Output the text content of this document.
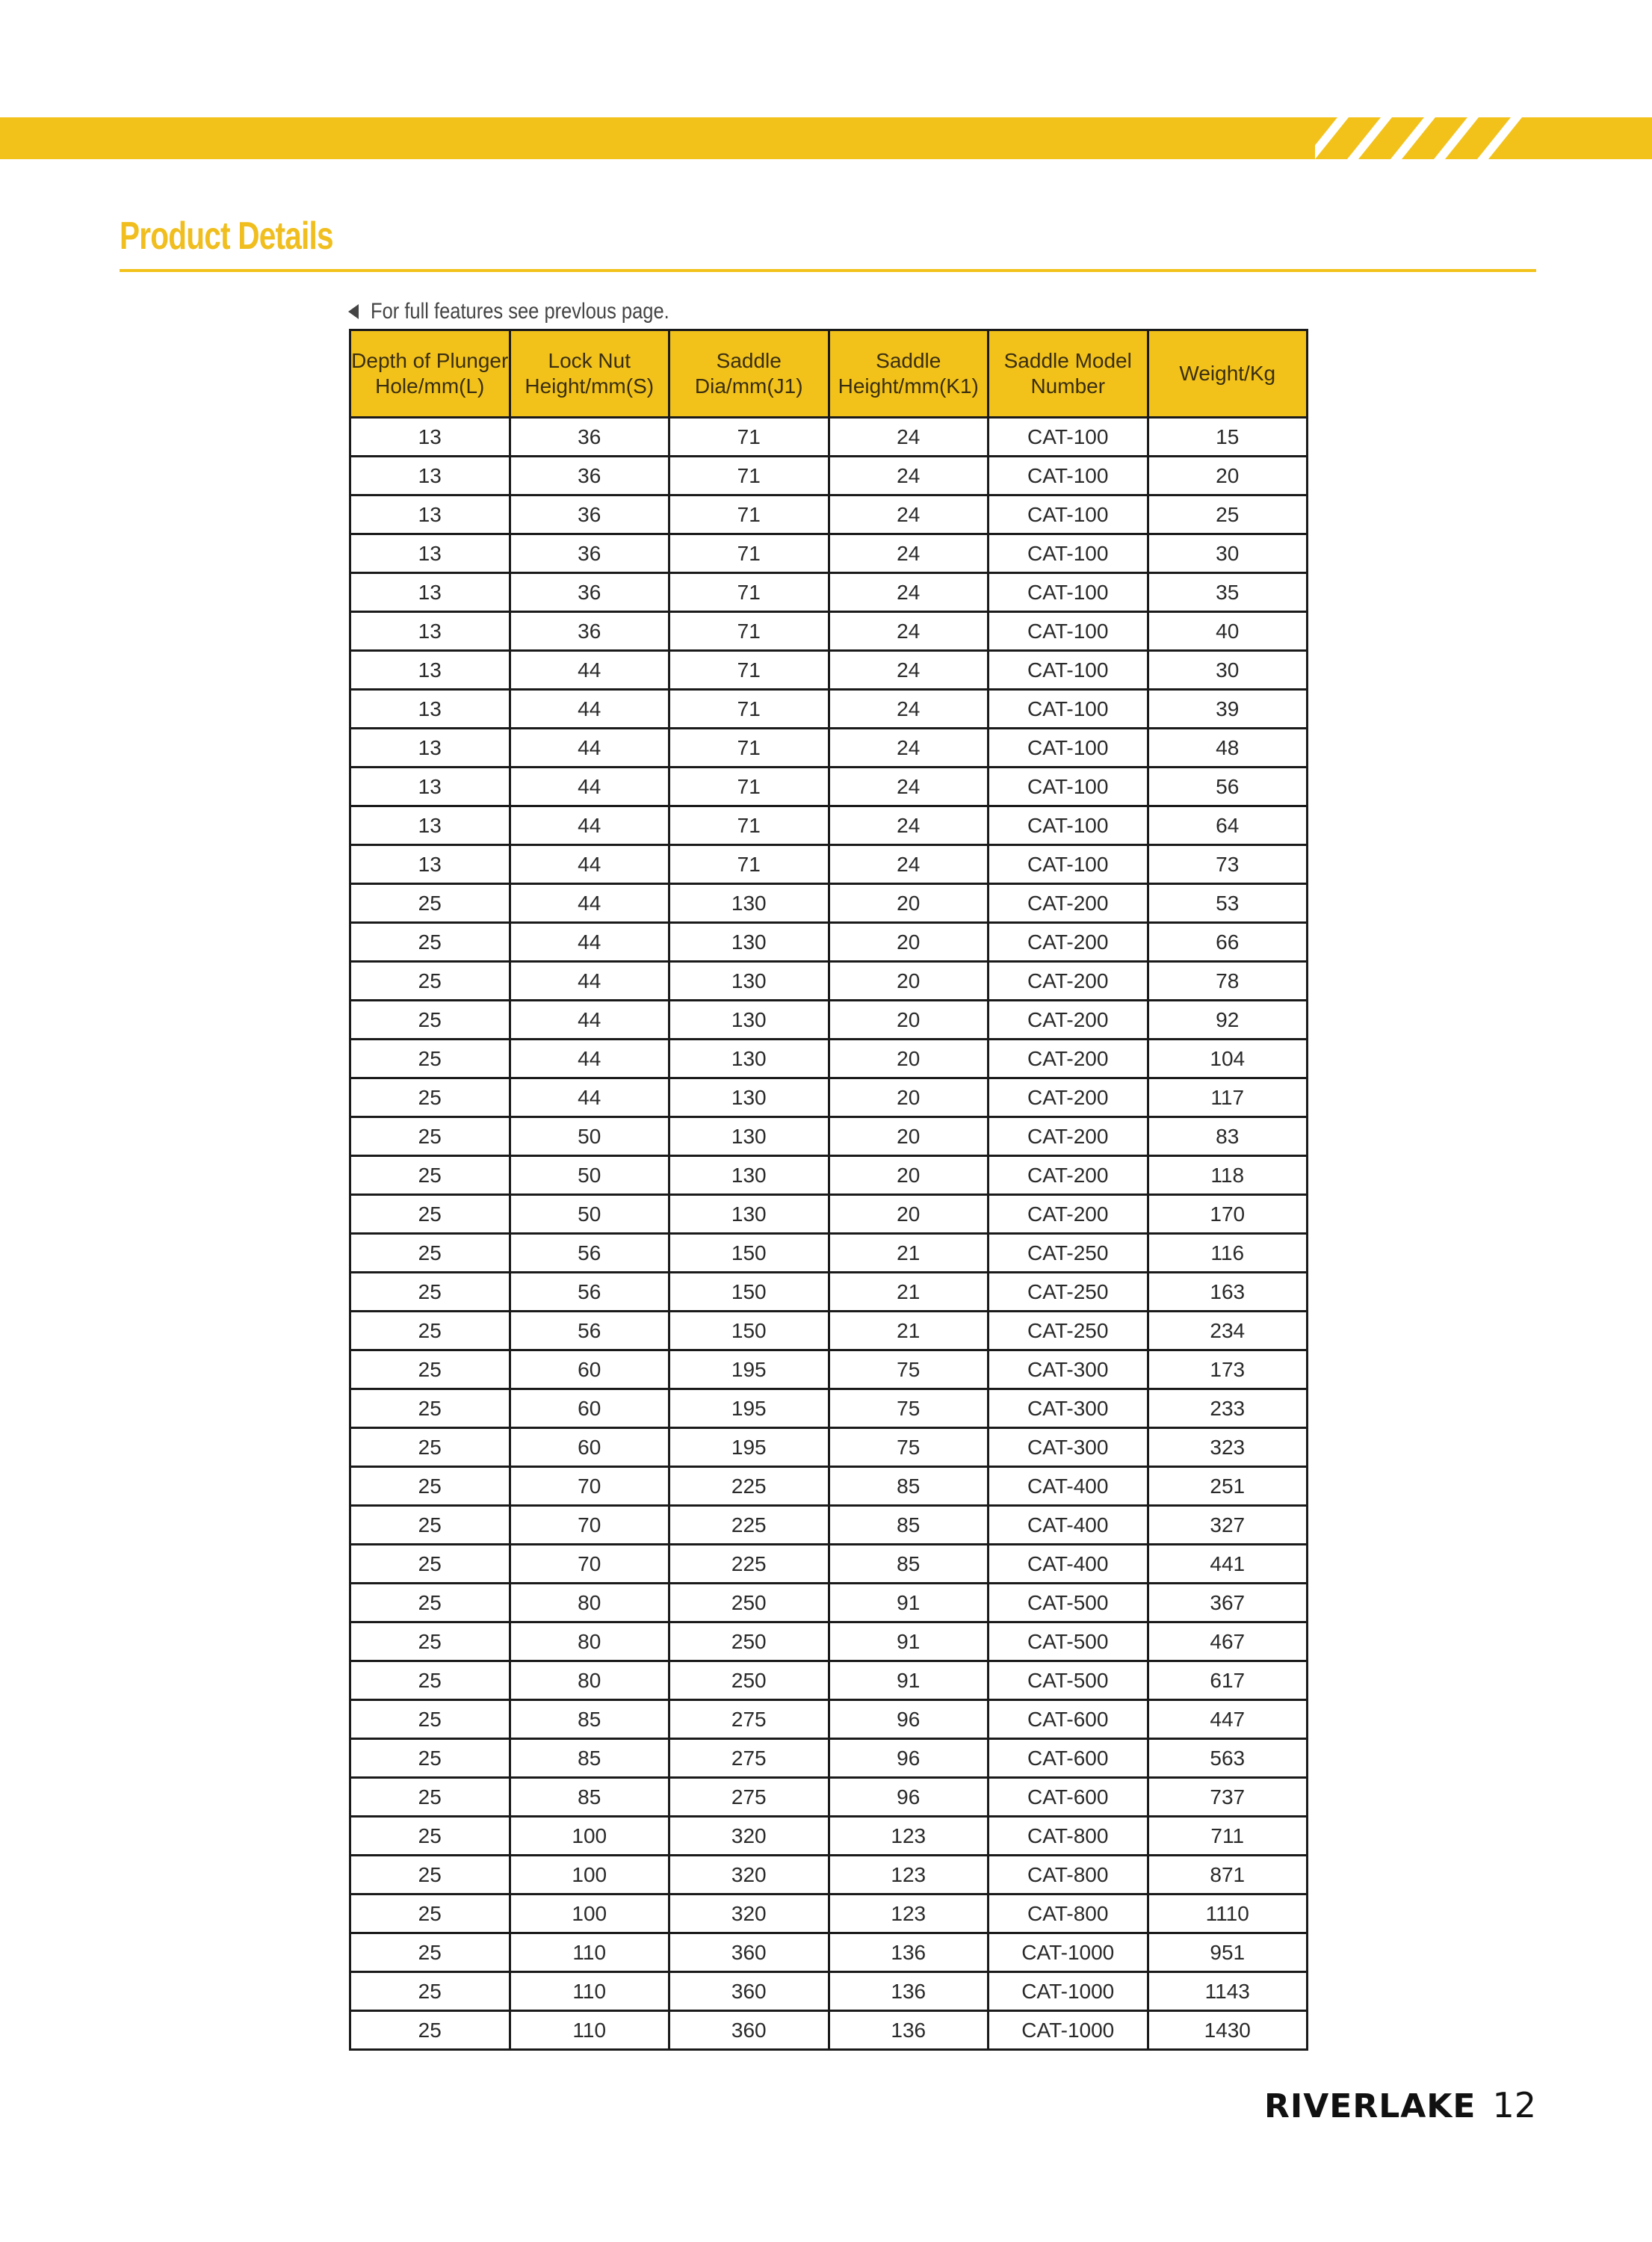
Product Details
For full features see prevlous page.
Depth of Plunger Hole/mm(L)	Lock Nut Height/mm(S)	Saddle Dia/mm(J1)	Saddle Height/mm(K1)	Saddle Model Number	Weight/Kg
13	36	71	24	CAT-100	15
13	36	71	24	CAT-100	20
13	36	71	24	CAT-100	25
13	36	71	24	CAT-100	30
13	36	71	24	CAT-100	35
13	36	71	24	CAT-100	40
13	44	71	24	CAT-100	30
13	44	71	24	CAT-100	39
13	44	71	24	CAT-100	48
13	44	71	24	CAT-100	56
13	44	71	24	CAT-100	64
13	44	71	24	CAT-100	73
25	44	130	20	CAT-200	53
25	44	130	20	CAT-200	66
25	44	130	20	CAT-200	78
25	44	130	20	CAT-200	92
25	44	130	20	CAT-200	104
25	44	130	20	CAT-200	117
25	50	130	20	CAT-200	83
25	50	130	20	CAT-200	118
25	50	130	20	CAT-200	170
25	56	150	21	CAT-250	116
25	56	150	21	CAT-250	163
25	56	150	21	CAT-250	234
25	60	195	75	CAT-300	173
25	60	195	75	CAT-300	233
25	60	195	75	CAT-300	323
25	70	225	85	CAT-400	251
25	70	225	85	CAT-400	327
25	70	225	85	CAT-400	441
25	80	250	91	CAT-500	367
25	80	250	91	CAT-500	467
25	80	250	91	CAT-500	617
25	85	275	96	CAT-600	447
25	85	275	96	CAT-600	563
25	85	275	96	CAT-600	737
25	100	320	123	CAT-800	711
25	100	320	123	CAT-800	871
25	100	320	123	CAT-800	1110
25	110	360	136	CAT-1000	951
25	110	360	136	CAT-1000	1143
25	110	360	136	CAT-1000	1430
RIVERLAKE 12
